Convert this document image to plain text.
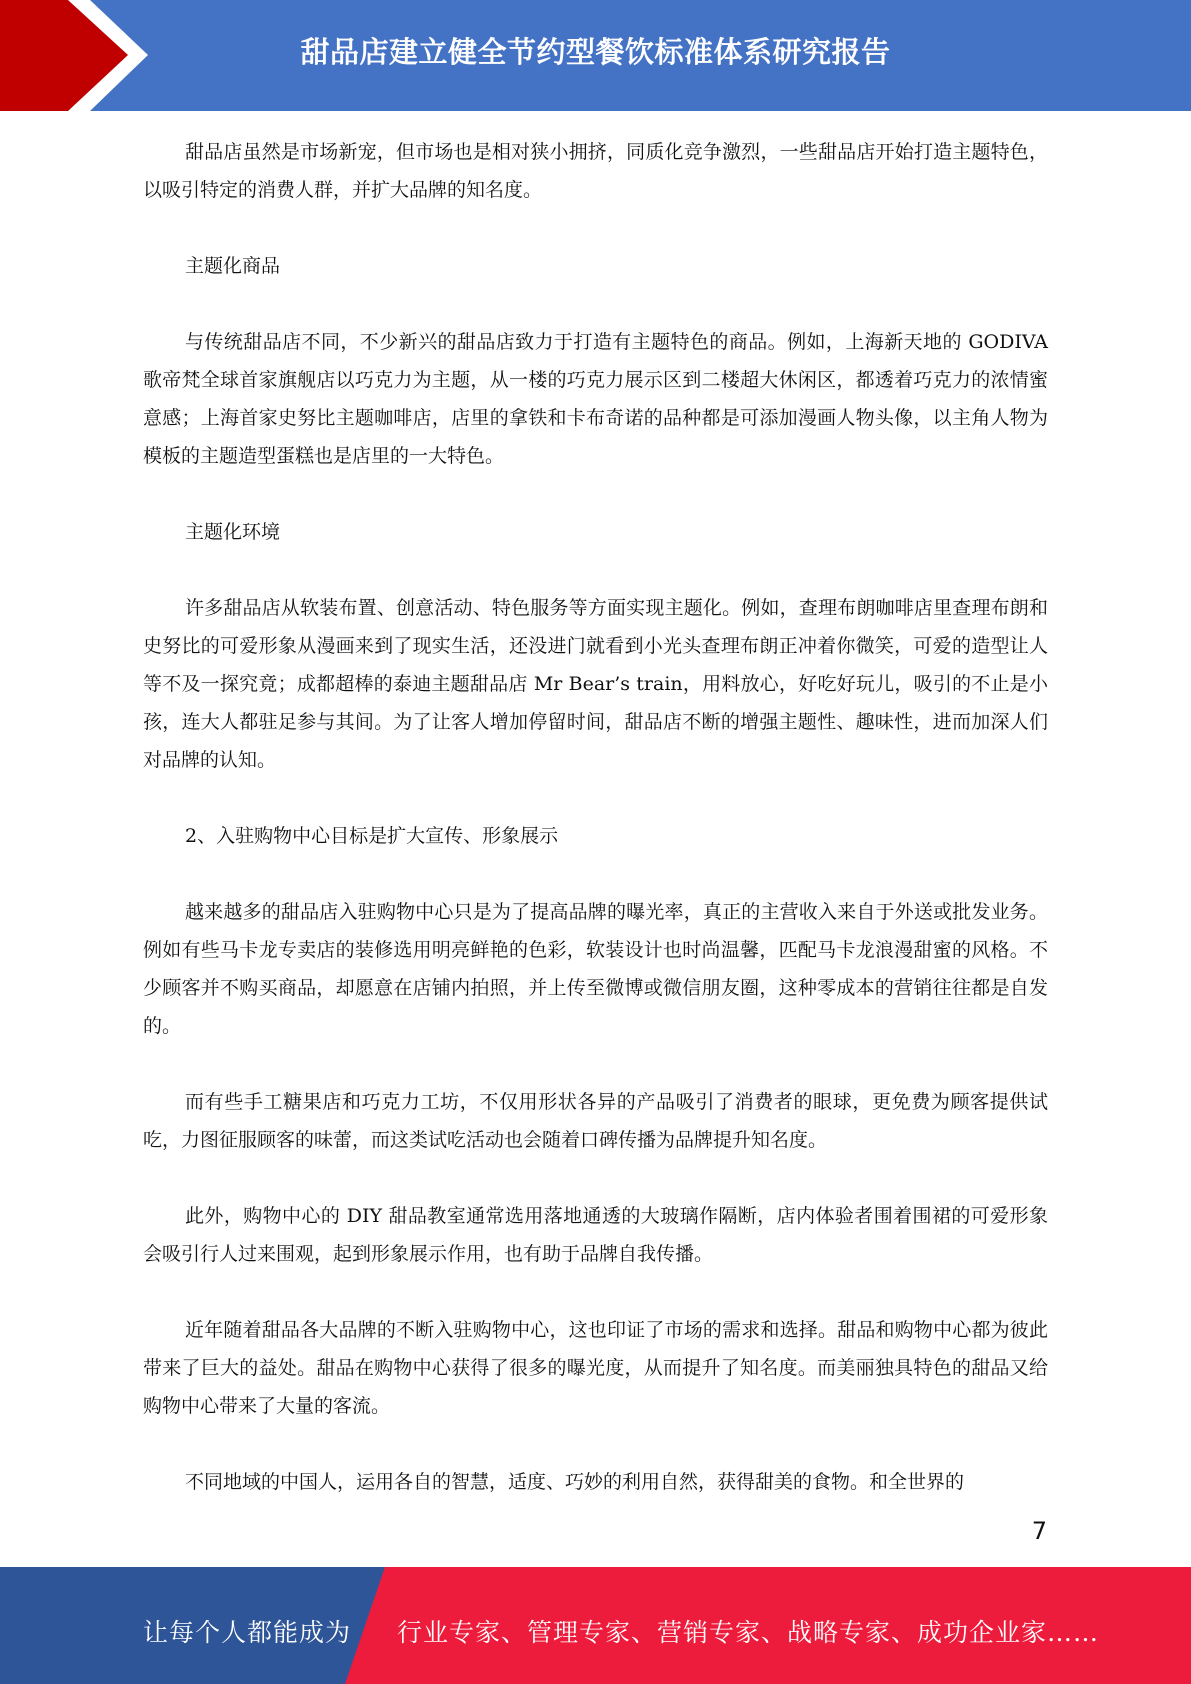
甜品店建立健全节约型餐饮标准体系研究报告

甜品店虽然是市场新宠，但市场也是相对狭小拥挤，同质化竞争激烈，一些甜品店开始打造主题特色，以吸引特定的消费人群，并扩大品牌的知名度。

主题化商品

与传统甜品店不同，不少新兴的甜品店致力于打造有主题特色的商品。例如，上海新天地的 GODIVA 歌帝梵全球首家旗舰店以巧克力为主题，从一楼的巧克力展示区到二楼超大休闲区，都透着巧克力的浓情蜜意感；上海首家史努比主题咖啡店，店里的拿铁和卡布奇诺的品种都是可添加漫画人物头像，以主角人物为模板的主题造型蛋糕也是店里的一大特色。

主题化环境

许多甜品店从软装布置、创意活动、特色服务等方面实现主题化。例如，查理布朗咖啡店里查理布朗和史努比的可爱形象从漫画来到了现实生活，还没进门就看到小光头查理布朗正冲着你微笑，可爱的造型让人等不及一探究竟；成都超棒的泰迪主题甜品店 Mr Bear’s train，用料放心，好吃好玩儿，吸引的不止是小孩，连大人都驻足参与其间。为了让客人增加停留时间，甜品店不断的增强主题性、趣味性，进而加深人们对品牌的认知。

2、入驻购物中心目标是扩大宣传、形象展示

越来越多的甜品店入驻购物中心只是为了提高品牌的曝光率，真正的主营收入来自于外送或批发业务。例如有些马卡龙专卖店的装修选用明亮鲜艳的色彩，软装设计也时尚温馨，匹配马卡龙浪漫甜蜜的风格。不少顾客并不购买商品，却愿意在店铺内拍照，并上传至微博或微信朋友圈，这种零成本的营销往往都是自发的。

而有些手工糖果店和巧克力工坊，不仅用形状各异的产品吸引了消费者的眼球，更免费为顾客提供试吃，力图征服顾客的味蕾，而这类试吃活动也会随着口碑传播为品牌提升知名度。

此外，购物中心的 DIY 甜品教室通常选用落地通透的大玻璃作隔断，店内体验者围着围裙的可爱形象会吸引行人过来围观，起到形象展示作用，也有助于品牌自我传播。

近年随着甜品各大品牌的不断入驻购物中心，这也印证了市场的需求和选择。甜品和购物中心都为彼此带来了巨大的益处。甜品在购物中心获得了很多的曝光度，从而提升了知名度。而美丽独具特色的甜品又给购物中心带来了大量的客流。

不同地域的中国人，运用各自的智慧，适度、巧妙的利用自然，获得甜美的食物。和全世界的

7
让每个人都能成为 行业专家、管理专家、营销专家、战略专家、成功企业家……
